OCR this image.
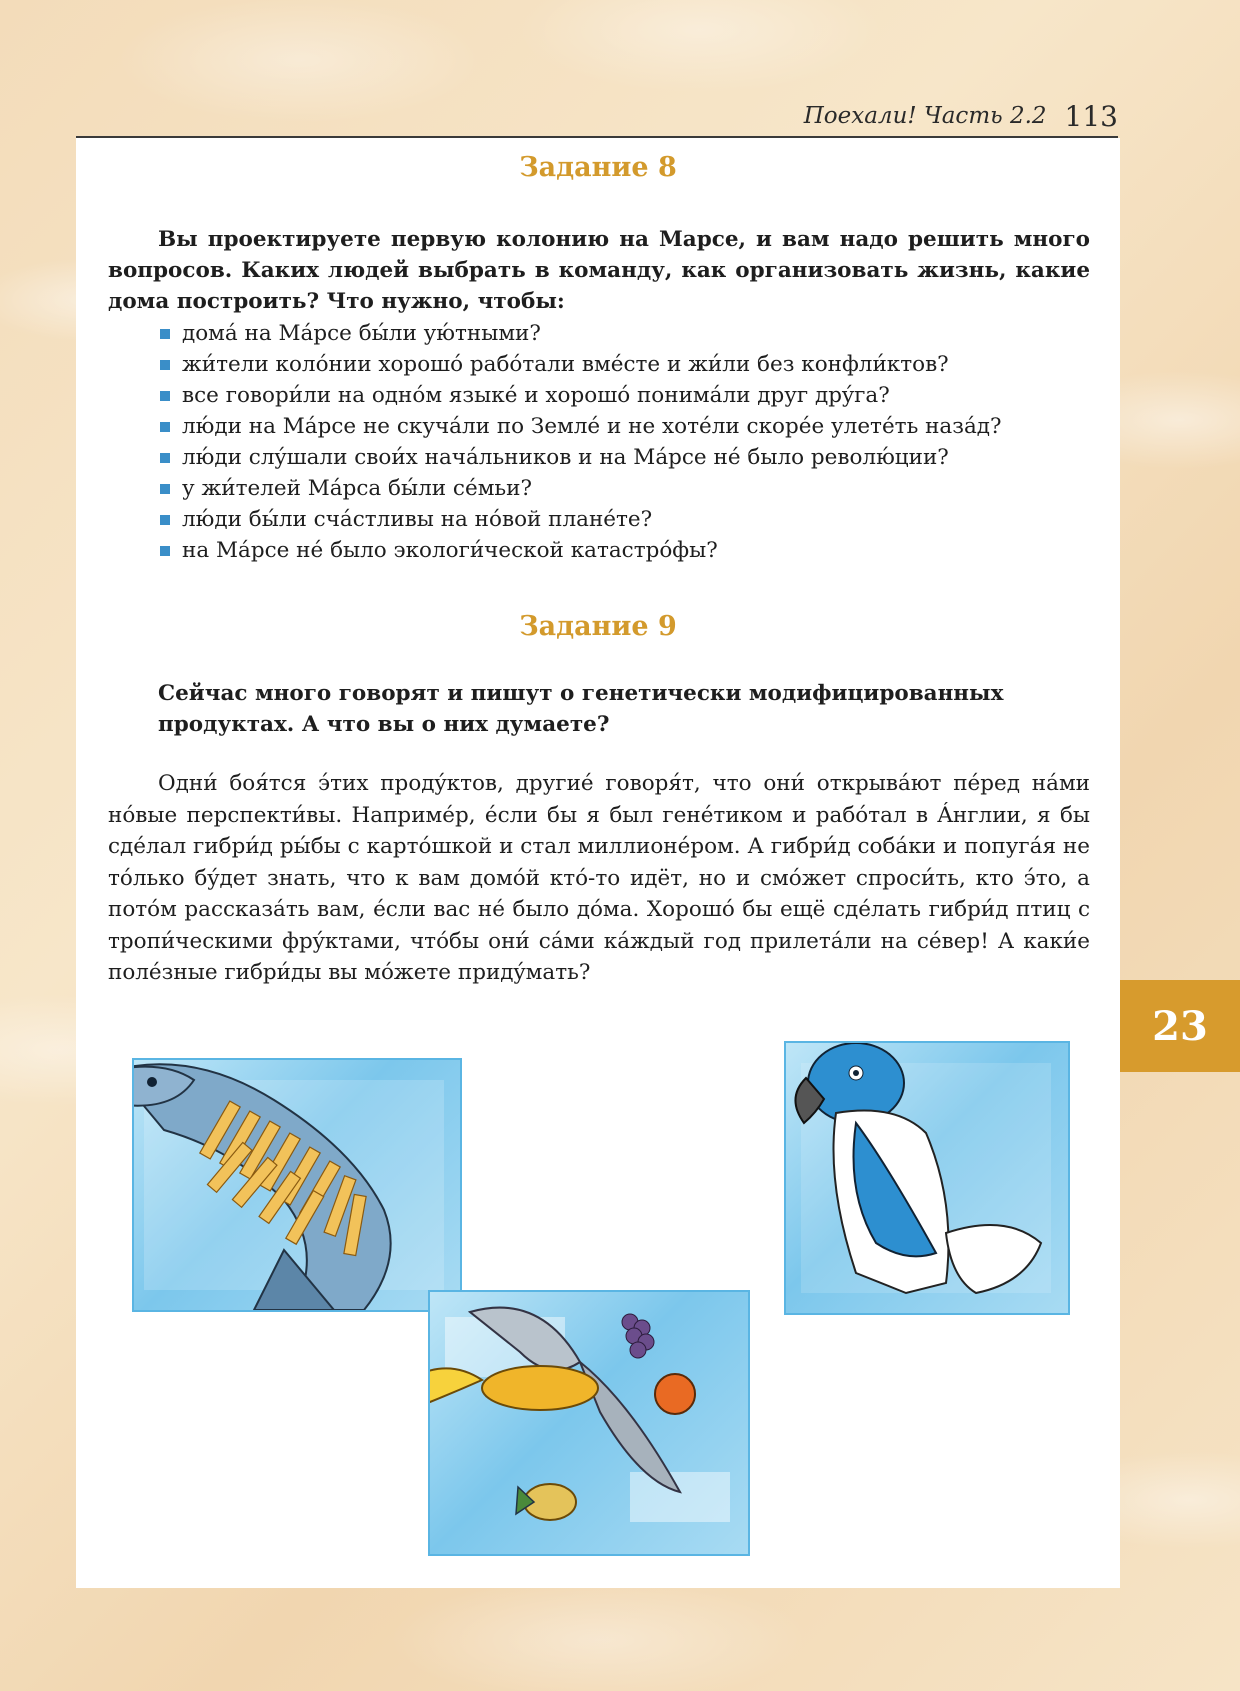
Поехали! Часть 2.2 113
Задание 8
Вы проектируете первую колонию на Марсе, и вам надо решить много вопросов. Каких людей выбрать в команду, как организовать жизнь, какие дома построить? Что нужно, чтобы:
домá на Мáрсе бы́ли ую́тными?
жи́тели колóнии хорошó рабóтали вмéсте и жи́ли без конфли́ктов?
все говори́ли на однóм языкé и хорошó понимáли друг дрýга?
лю́ди на Мáрсе не скучáли по Землé и не хотéли скорéе улетéть назáд?
лю́ди слýшали свои́х начáльников и на Мáрсе нé было револю́ции?
у жи́телей Мáрса бы́ли сéмьи?
лю́ди бы́ли счáстливы на нóвой планéте?
на Мáрсе нé было экологи́ческой катастрóфы?
Задание 9
Сейчас много говорят и пишут о генетически модифицированных продуктах. А что вы о них думаете?
Одни́ боя́тся э́тих продýктов, другиé говоря́т, что они́ открывáют пéред нáми нóвые перспекти́вы. Напримéр, éсли бы я был генéтиком и рабóтал в Áнглии, я бы сдéлал гибри́д ры́бы с картóшкой и стал миллионéром. А гибри́д собáки и попугáя не тóлько бýдет знать, что к вам домóй ктó-то идёт, но и смóжет спроси́ть, кто э́то, а потóм рассказáть вам, éсли вас нé было дóма. Хорошó бы ещё сдéлать гибри́д птиц с тропи́ческими фрýктами, чтóбы они́ сáми кáждый год прилетáли на сéвер! А каки́е полéзные гибри́ды вы мóжете придýмать?
23
